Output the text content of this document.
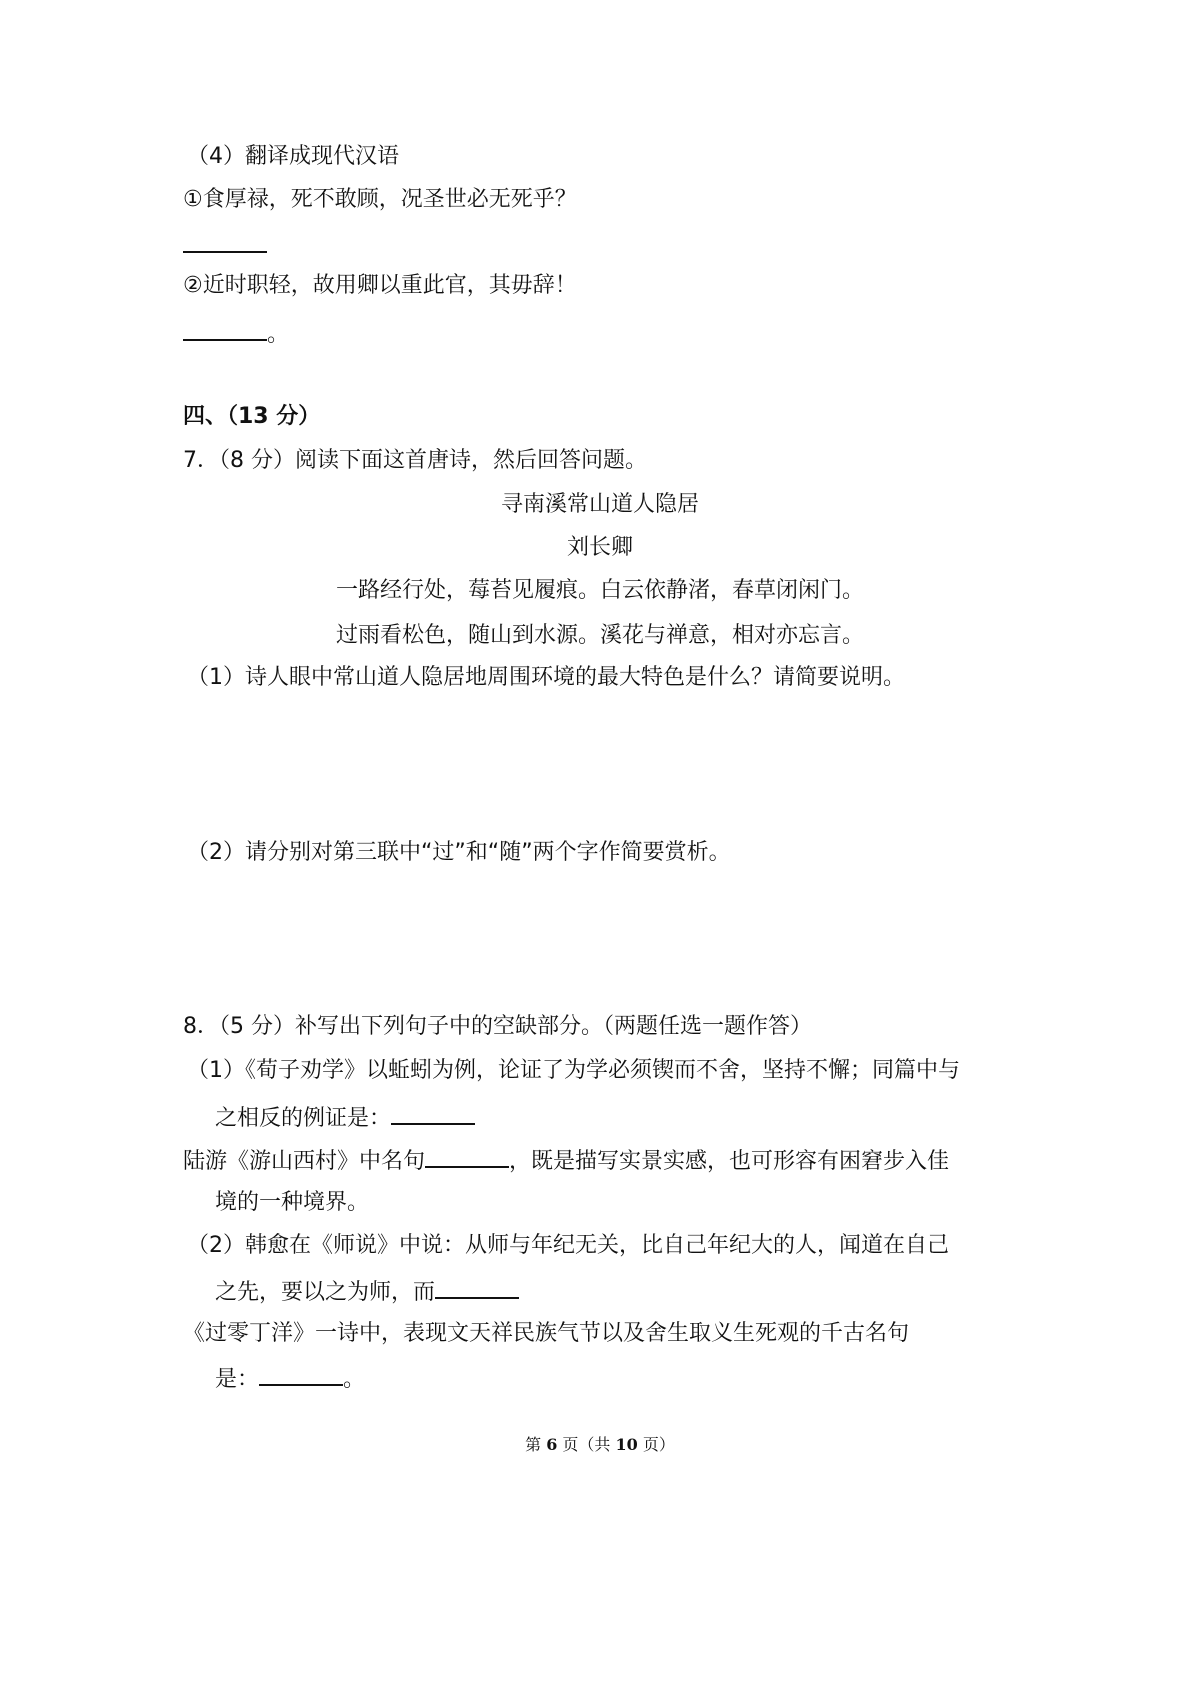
（4）翻译成现代汉语
①食厚禄，死不敢顾，况圣世必无死乎？
②近时职轻，故用卿以重此官，其毋辞！
。
四、（13 分）
7．（8 分）阅读下面这首唐诗，然后回答问题。
寻南溪常山道人隐居
刘长卿
一路经行处，莓苔见履痕。白云依静渚，春草闭闲门。
过雨看松色，随山到水源。溪花与禅意，相对亦忘言。
（1）诗人眼中常山道人隐居地周围环境的最大特色是什么？请简要说明。
（2）请分别对第三联中“过”和“随”两个字作简要赏析。
8．（5 分）补写出下列句子中的空缺部分。（两题任选一题作答）
（1）《荀子劝学》以蚯蚓为例，论证了为学必须锲而不舍，坚持不懈；同篇中与
之相反的例证是：
陆游《游山西村》中名句	，既是描写实景实感，也可形容有困窘步入佳
境的一种境界。
（2）韩愈在《师说》中说：从师与年纪无关，比自己年纪大的人，闻道在自己
之先，要以之为师，而
《过零丁洋》一诗中，表现文天祥民族气节以及舍生取义生死观的千古名句
是：	。
第 6 页（共 10 页）
